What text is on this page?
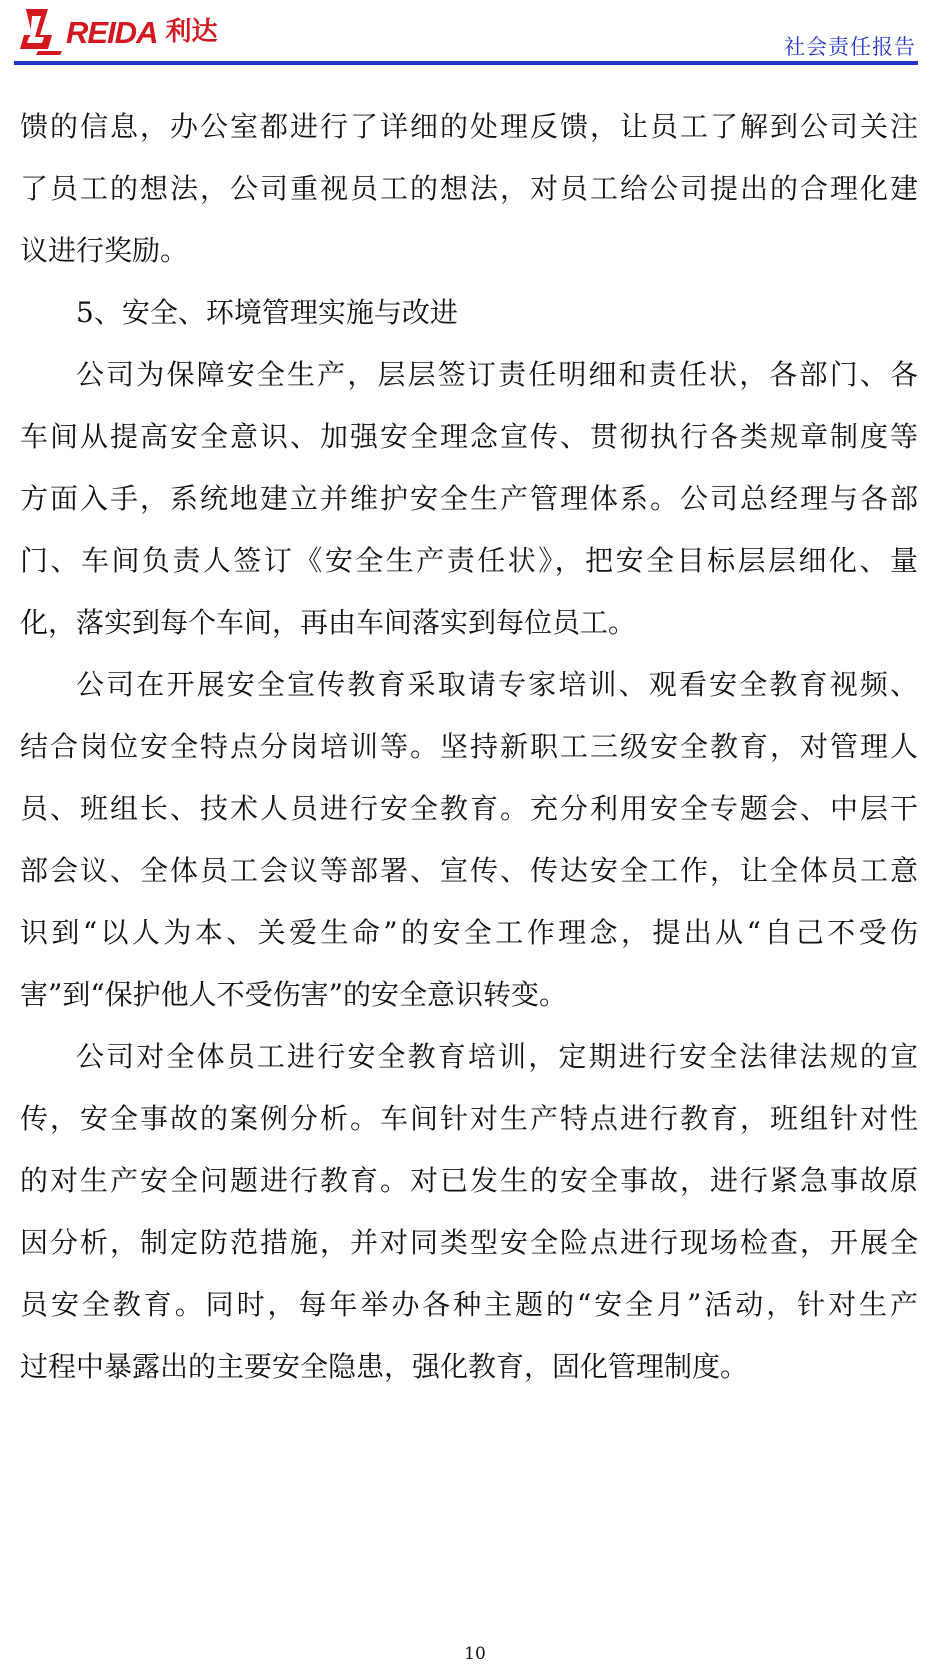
REIDA 利达	社会责任报告
馈的信息，办公室都进行了详细的处理反馈，让员工了解到公司关注
了员工的想法，公司重视员工的想法，对员工给公司提出的合理化建
议进行奖励。
5、安全、环境管理实施与改进
公司为保障安全生产，层层签订责任明细和责任状，各部门、各
车间从提高安全意识、加强安全理念宣传、贯彻执行各类规章制度等
方面入手，系统地建立并维护安全生产管理体系。公司总经理与各部
门、车间负责人签订《安全生产责任状》，把安全目标层层细化、量
化，落实到每个车间，再由车间落实到每位员工。
公司在开展安全宣传教育采取请专家培训、观看安全教育视频、
结合岗位安全特点分岗培训等。坚持新职工三级安全教育，对管理人
员、班组长、技术人员进行安全教育。充分利用安全专题会、中层干
部会议、全体员工会议等部署、宣传、传达安全工作，让全体员工意
识到“以人为本、关爱生命”的安全工作理念，提出从“自己不受伤
害”到“保护他人不受伤害”的安全意识转变。
公司对全体员工进行安全教育培训，定期进行安全法律法规的宣
传，安全事故的案例分析。车间针对生产特点进行教育，班组针对性
的对生产安全问题进行教育。对已发生的安全事故，进行紧急事故原
因分析，制定防范措施，并对同类型安全险点进行现场检查，开展全
员安全教育。同时，每年举办各种主题的“安全月”活动，针对生产
过程中暴露出的主要安全隐患，强化教育，固化管理制度。
10
